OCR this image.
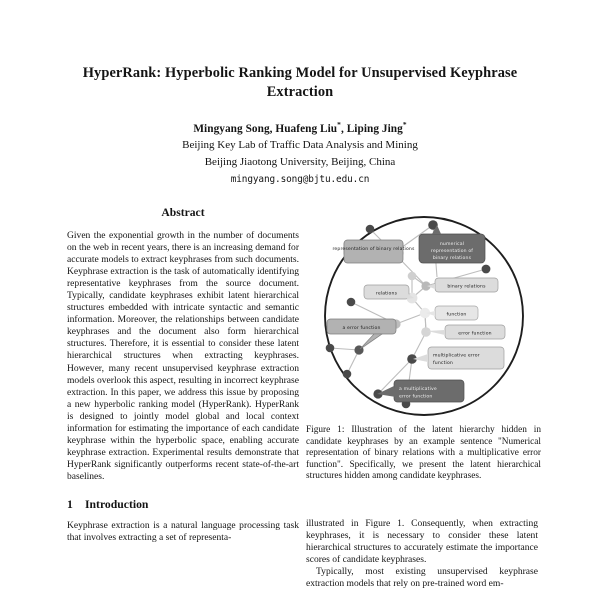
HyperRank: Hyperbolic Ranking Model for Unsupervised Keyphrase Extraction
Mingyang Song, Huafeng Liu*, Liping Jing*
Beijing Key Lab of Traffic Data Analysis and Mining
Beijing Jiaotong University, Beijing, China
mingyang.song@bjtu.edu.cn
Abstract

Given the exponential growth in the number of documents on the web in recent years, there is an increasing demand for accurate models to extract keyphrases from such documents. Keyphrase extraction is the task of automatically identifying representative keyphrases from the source document. Typically, candidate keyphrases exhibit latent hierarchical structures embedded with intricate syntactic and semantic information. Moreover, the relationships between candidate keyphrases and the document also form hierarchical structures. Therefore, it is essential to consider these latent hierarchical structures when extracting keyphrases. However, many recent unsupervised keyphrase extraction models overlook this aspect, resulting in incorrect keyphrase extraction. In this paper, we address this issue by proposing a new hyperbolic ranking model (HyperRank). HyperRank is designed to jointly model global and local context information for estimating the importance of each candidate keyphrase within the hyperbolic space, enabling accurate keyphrase extraction. Experimental results demonstrate that HyperRank significantly outperforms recent state-of-the-art baselines.

1 Introduction

Keyphrase extraction is a natural language processing task that involves extracting a set of representa-

representation of binary relations
numerical
representation of
binary relations
relations
binary relations
function
a error function
error function
multiplicative error
function
a multiplicative
error function

Figure 1: Illustration of the latent hierarchy hidden in candidate keyphrases by an example sentence "Numerical representation of binary relations with a multiplicative error function". Specifically, we present the latent hierarchical structures hidden among candidate keyphrases.

illustrated in Figure 1. Consequently, when extracting keyphrases, it is necessary to consider these latent hierarchical structures to accurately estimate the importance scores of candidate keyphrases.

Typically, most existing unsupervised keyphrase extraction models that rely on pre-trained word em-
